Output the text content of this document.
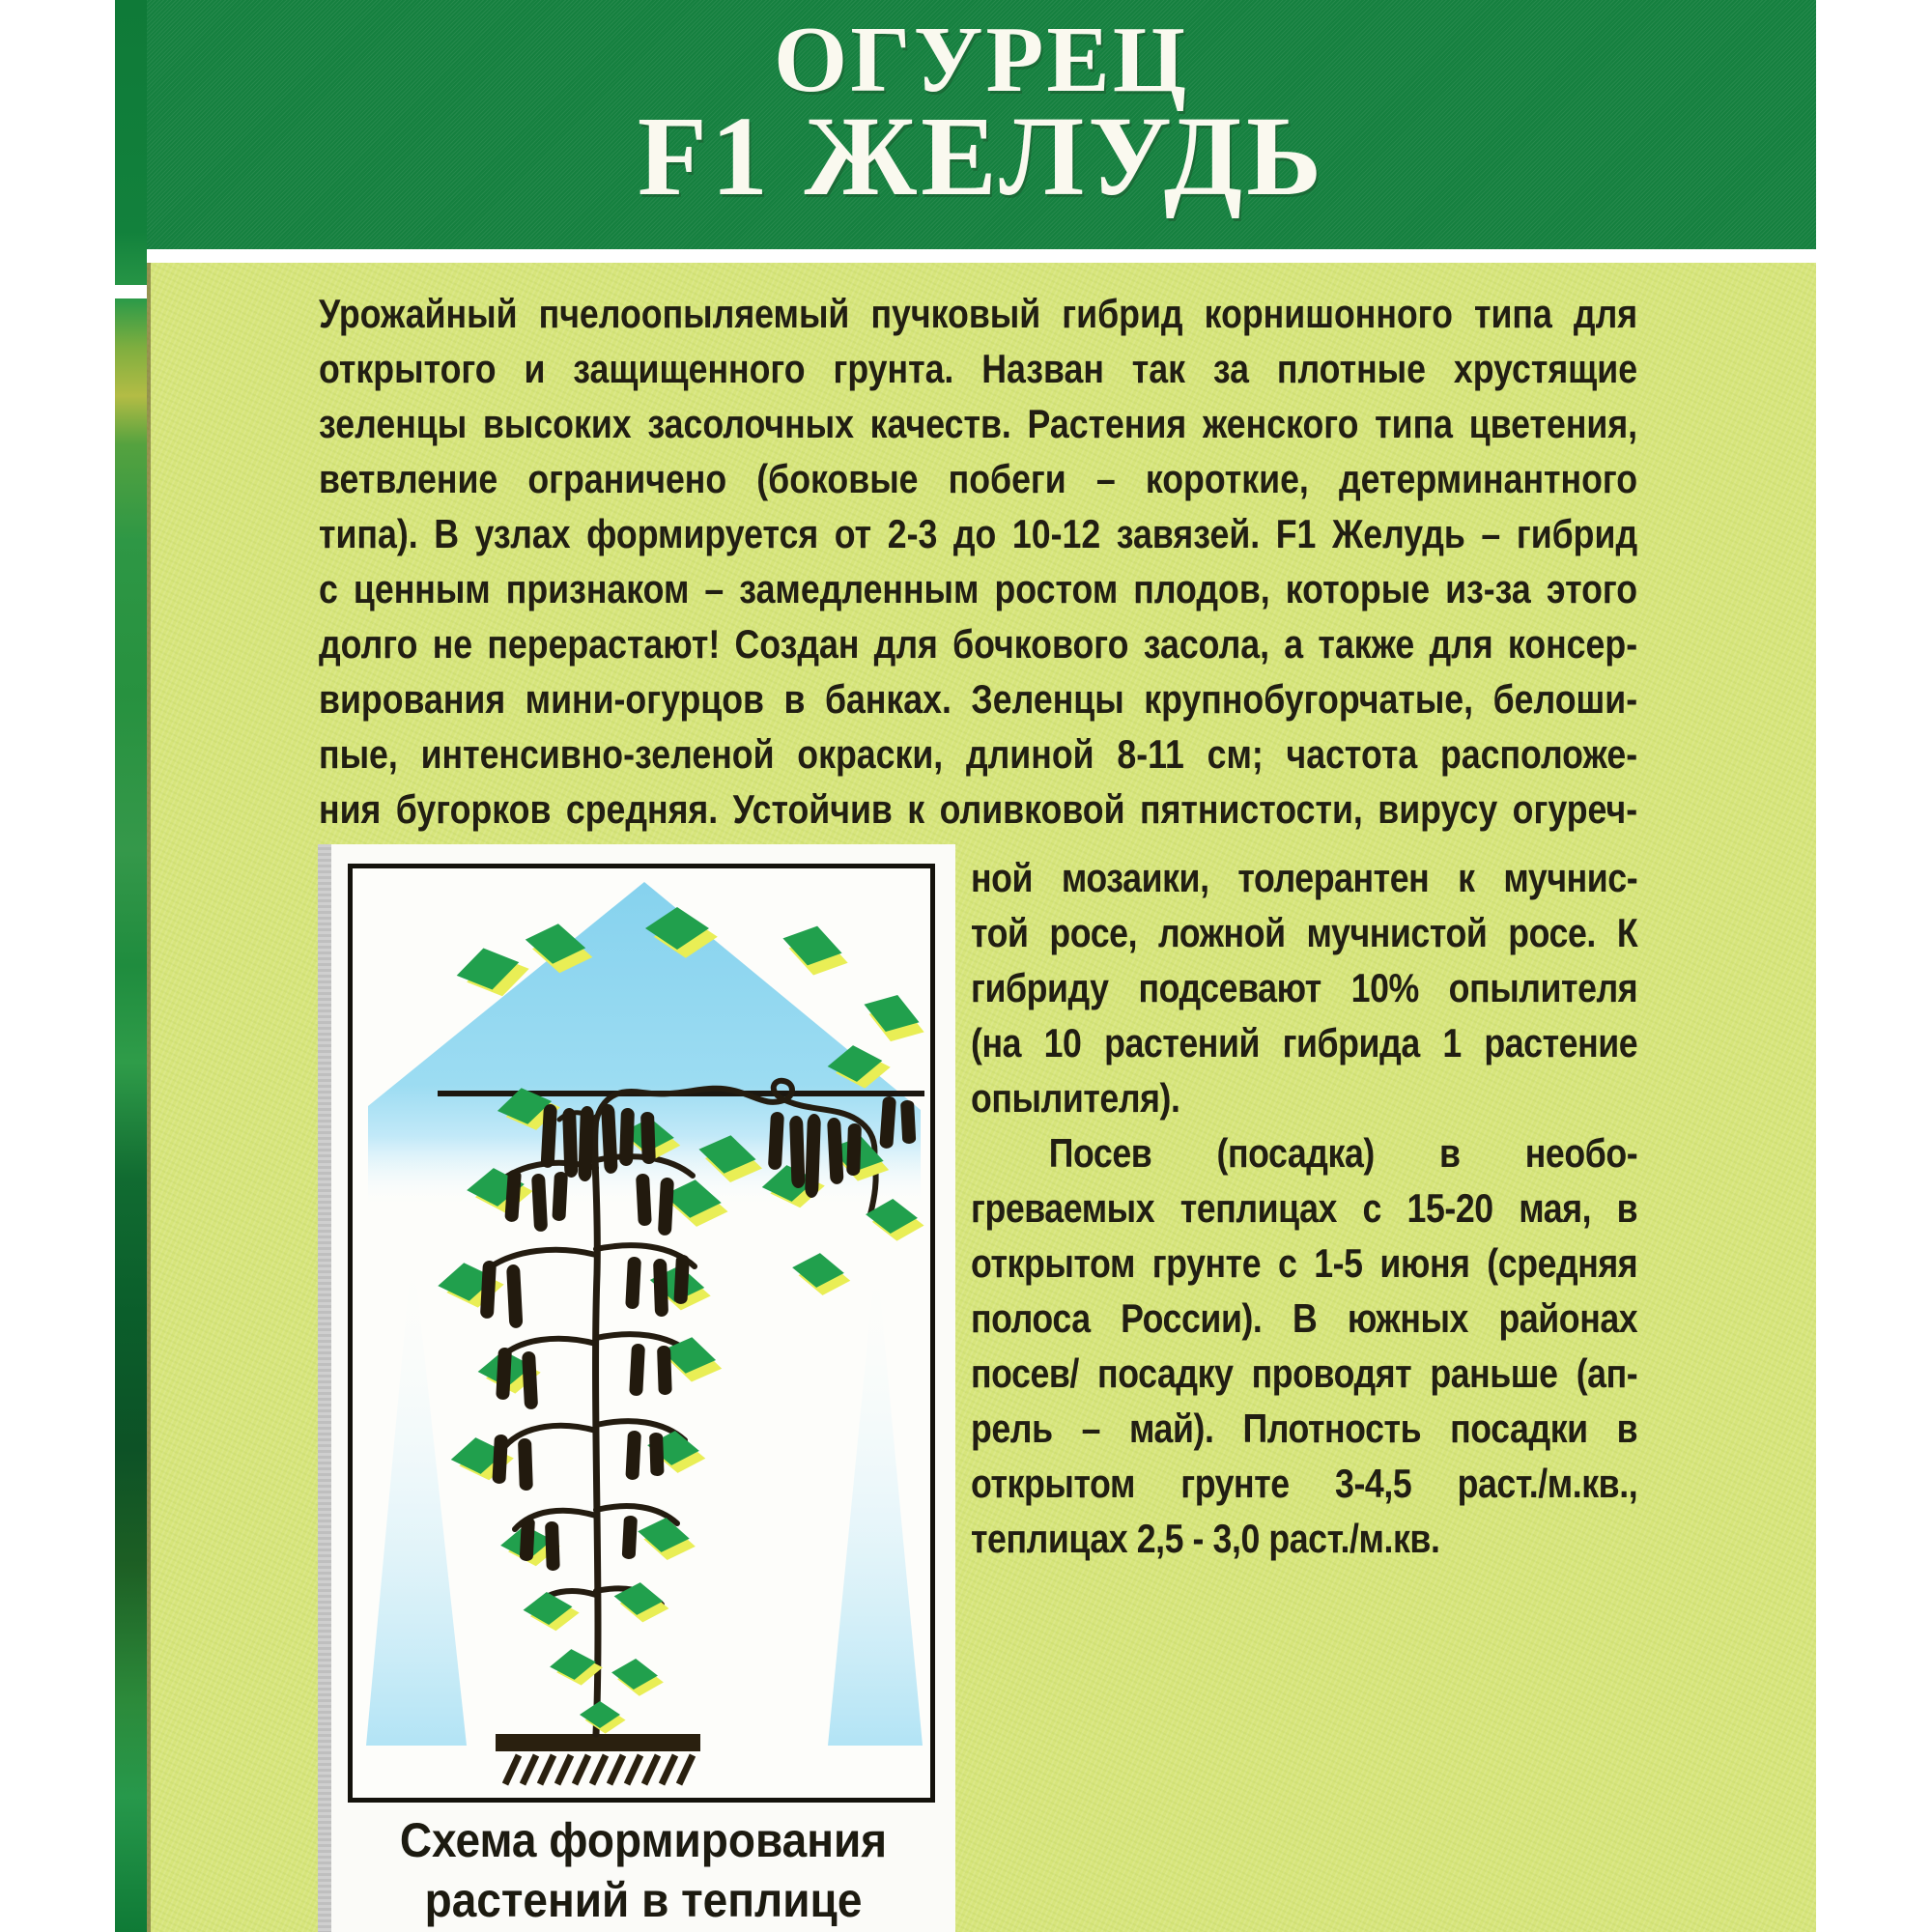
ОГУРЕЦ
F1 ЖЕЛУДЬ
Урожайный пчелоопыляемый пучковый гибрид корнишонного типа для
открытого и защищенного грунта. Назван так за плотные хрустящие
зеленцы высоких засолочных качеств. Растения женского типа цветения,
ветвление ограничено (боковые побеги – короткие, детерминантного
типа). В узлах формируется от 2-3 до 10-12 завязей. F1 Желудь – гибрид
с ценным признаком – замедленным ростом плодов, которые из-за этого
долго не перерастают! Создан для бочкового засола, а также для консер-
вирования мини-огурцов в банках. Зеленцы крупнобугорчатые, белоши-
пые, интенсивно-зеленой окраски, длиной 8-11 см; частота расположе-
ния бугорков средняя. Устойчив к оливковой пятнистости, вирусу огуреч-
ной мозаики, толерантен к мучнис-
той росе, ложной мучнистой росе. К
гибриду подсевают 10% опылителя
(на 10 растений гибрида 1 растение
опылителя).
Посев (посадка) в необо-
греваемых теплицах с 15-20 мая, в
открытом грунте с 1-5 июня (средняя
полоса России). В южных районах
посев/ посадку проводят раньше (ап-
рель – май). Плотность посадки в
открытом грунте 3-4,5 раст./м.кв.,
теплицах 2,5 - 3,0 раст./м.кв.
Схема формирования
растений в теплице
